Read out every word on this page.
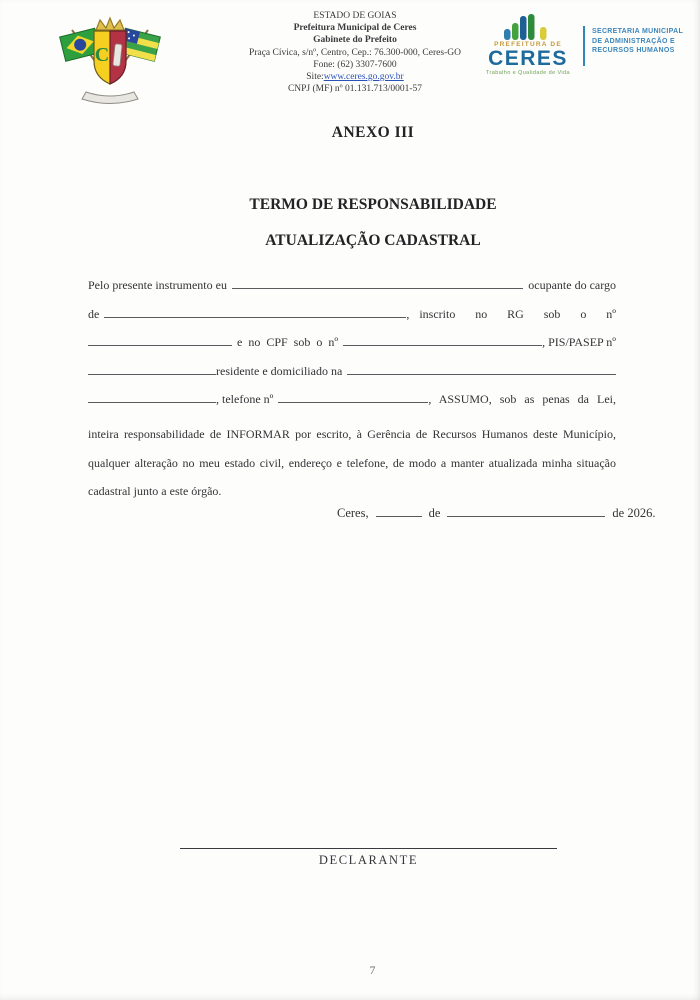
C
ESTADO DE GOIAS
Prefeitura Municipal de Ceres
Gabinete do Prefeito
Praça Cívica, s/nº, Centro, Cep.: 76.300-000, Ceres-GO
Fone: (62) 3307-7600
Site:www.ceres.go.gov.br
CNPJ (MF) nº 01.131.713/0001-57
PREFEITURA DE
CERES
Trabalho e Qualidade de Vida
SECRETARIA MUNICIPAL
DE ADMINISTRAÇÃO E
RECURSOS HUMANOS
ANEXO III
TERMO DE RESPONSABILIDADE
ATUALIZAÇÃO CADASTRAL
Pelo presente instrumento eu	ocupante do cargo
de	, inscrito no RG sob o nº
e no CPF sob o nº	, PIS/PASEP nº
residente e domiciliado na
, telefone nº	, ASSUMO, sob as penas da Lei,
inteira responsabilidade de INFORMAR por escrito, à Gerência de Recursos Humanos deste Município,
qualquer alteração no meu estado civil, endereço e telefone, de modo a manter atualizada minha situação
cadastral junto a este órgão.
Ceres,	de	de 2026.
DECLARANTE
7
